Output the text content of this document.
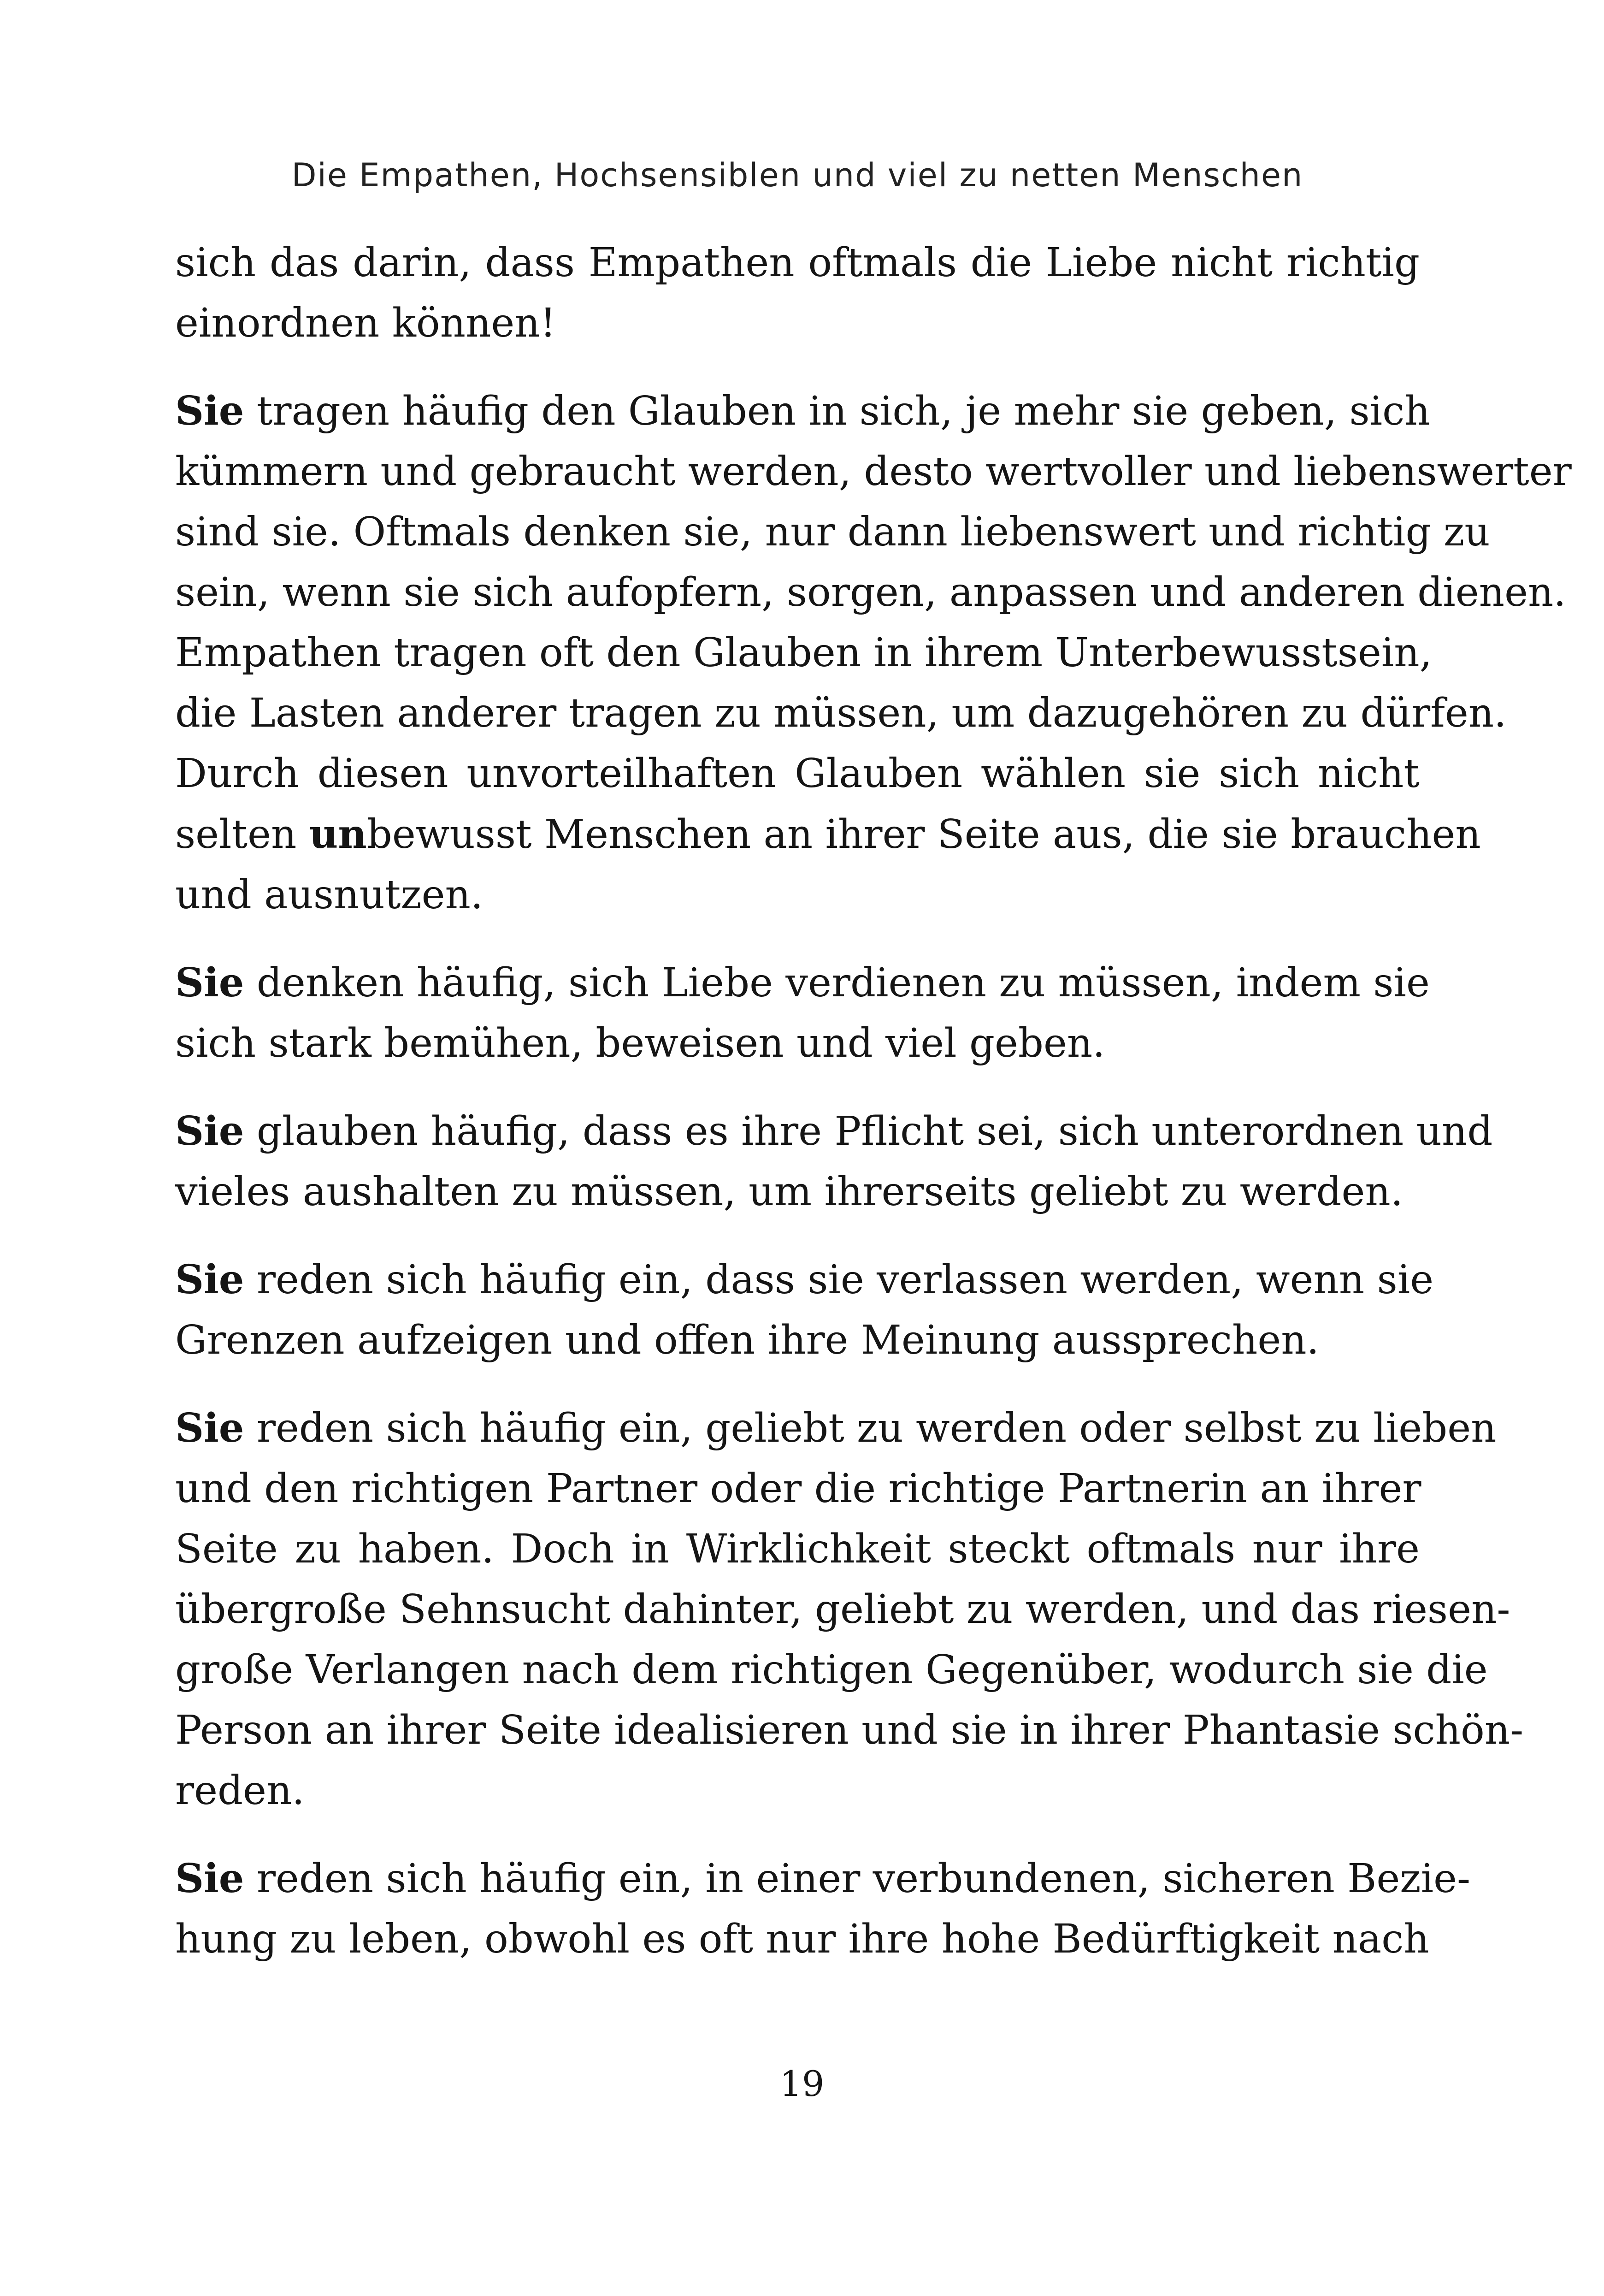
Die Empathen, Hochsensiblen und viel zu netten Menschen
sich das darin, dass Empathen oftmals die Liebe nicht richtig
einordnen können!
Sie tragen häufig den Glauben in sich, je mehr sie geben, sich
kümmern und gebraucht werden, desto wertvoller und liebenswerter
sind sie. Oftmals denken sie, nur dann liebenswert und richtig zu
sein, wenn sie sich aufopfern, sorgen, anpassen und anderen dienen.
Empathen tragen oft den Glauben in ihrem Unterbewusstsein,
die Lasten anderer tragen zu müssen, um dazugehören zu dürfen.
Durch diesen unvorteilhaften Glauben wählen sie sich nicht
selten unbewusst Menschen an ihrer Seite aus, die sie brauchen
und ausnutzen.
Sie denken häufig, sich Liebe verdienen zu müssen, indem sie
sich stark bemühen, beweisen und viel geben.
Sie glauben häufig, dass es ihre Pflicht sei, sich unterordnen und
vieles aushalten zu müssen, um ihrerseits geliebt zu werden.
Sie reden sich häufig ein, dass sie verlassen werden, wenn sie
Grenzen aufzeigen und offen ihre Meinung aussprechen.
Sie reden sich häufig ein, geliebt zu werden oder selbst zu lieben
und den richtigen Partner oder die richtige Partnerin an ihrer
Seite zu haben. Doch in Wirklichkeit steckt oftmals nur ihre
übergroße Sehnsucht dahinter, geliebt zu werden, und das riesen-
große Verlangen nach dem richtigen Gegenüber, wodurch sie die
Person an ihrer Seite idealisieren und sie in ihrer Phantasie schön-
reden.
Sie reden sich häufig ein, in einer verbundenen, sicheren Bezie-
hung zu leben, obwohl es oft nur ihre hohe Bedürftigkeit nach
19
